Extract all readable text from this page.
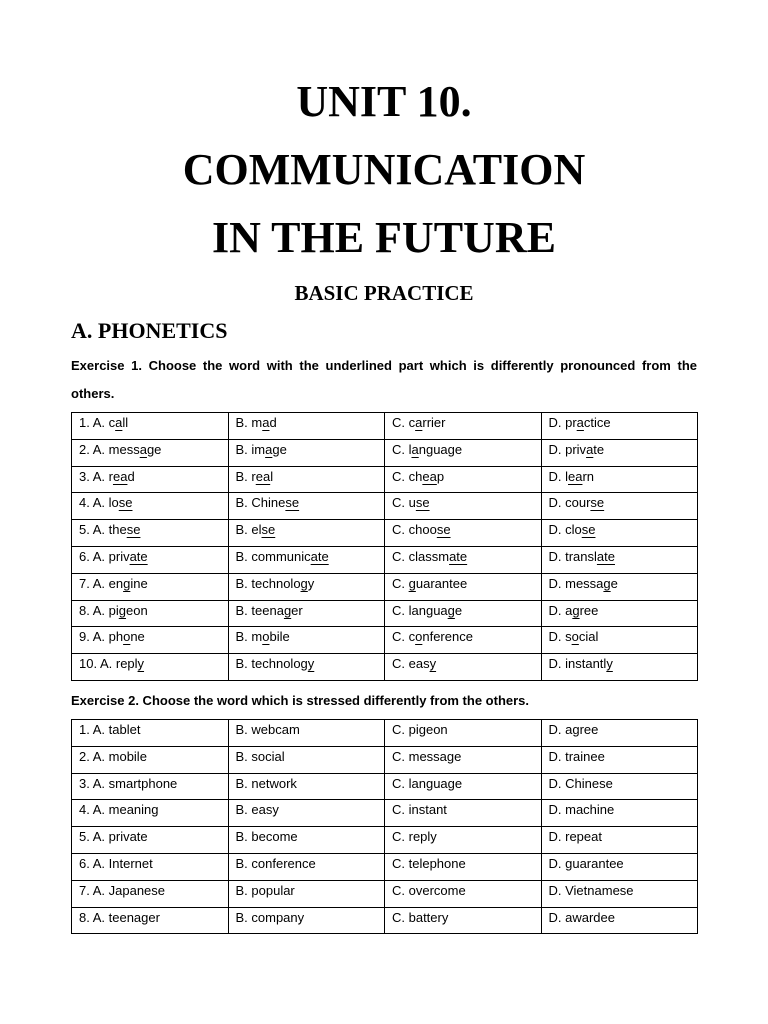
UNIT 10.
COMMUNICATION
IN THE FUTURE
BASIC PRACTICE
A. PHONETICS
Exercise 1. Choose the word with the underlined part which is differently pronounced from the others.
1. A. call	B. mad	C. carrier	D. practice
2. A. message	B. image	C. language	D. private
3. A. read	B. real	C. cheap	D. learn
4. A. lose	B. Chinese	C. use	D. course
5. A. these	B. else	C. choose	D. close
6. A. private	B. communicate	C. classmate	D. translate
7. A. engine	B. technology	C. guarantee	D. message
8. A. pigeon	B. teenager	C. language	D. agree
9. A. phone	B. mobile	C. conference	D. social
10. A. reply	B. technology	C. easy	D. instantly
Exercise 2. Choose the word which is stressed differently from the others.
1. A. tablet	B. webcam	C. pigeon	D. agree
2. A. mobile	B. social	C. message	D. trainee
3. A. smartphone	B. network	C. language	D. Chinese
4. A. meaning	B. easy	C. instant	D. machine
5. A. private	B. become	C. reply	D. repeat
6. A. Internet	B. conference	C. telephone	D. guarantee
7. A. Japanese	B. popular	C. overcome	D. Vietnamese
8. A. teenager	B. company	C. battery	D. awardee
